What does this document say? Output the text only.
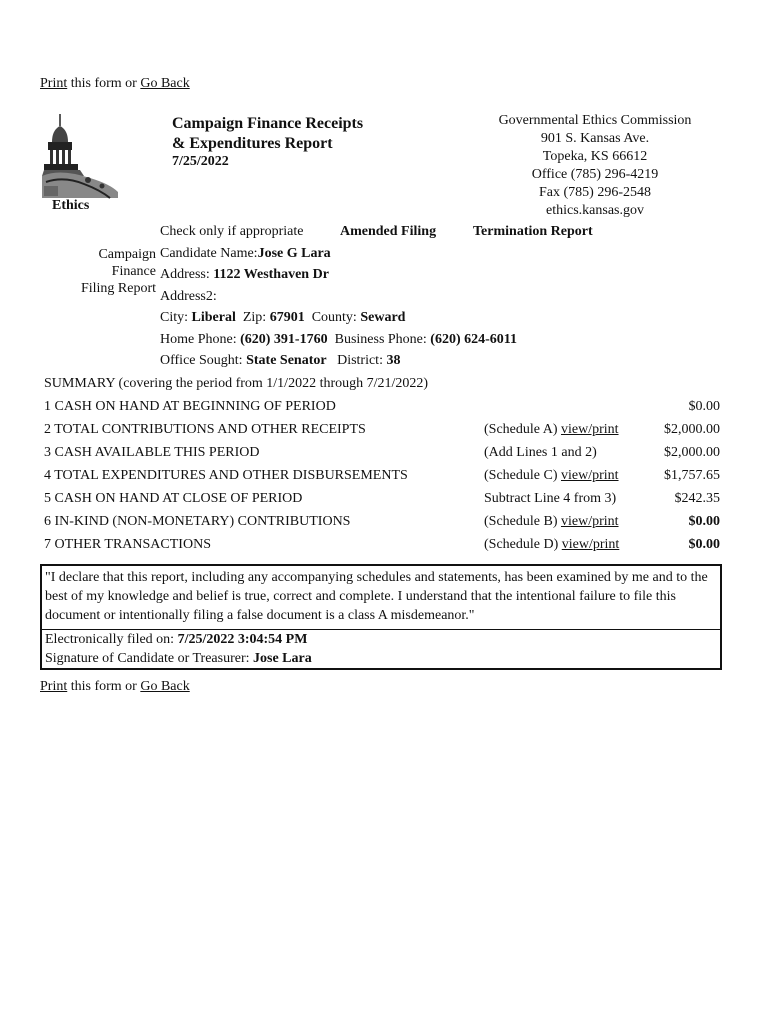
Print this form or Go Back
Ethics
Campaign Finance Receipts
& Expenditures Report
7/25/2022
Governmental Ethics Commission
901 S. Kansas Ave.
Topeka, KS 66612
Office (785) 296-4219
Fax (785) 296-2548
ethics.kansas.gov
Check only if appropriate	Amended Filing	Termination Report
Campaign
Finance
Filing Report
Candidate Name:Jose G Lara
Address: 1122 Westhaven Dr
Address2:
City: Liberal Zip: 67901 County: Seward
Home Phone: (620) 391-1760 Business Phone: (620) 624-6011
Office Sought: State Senator District: 38
SUMMARY (covering the period from 1/1/2022 through 7/21/2022)
1 CASH ON HAND AT BEGINNING OF PERIOD	$0.00
2 TOTAL CONTRIBUTIONS AND OTHER RECEIPTS	(Schedule A) view/print	$2,000.00
3 CASH AVAILABLE THIS PERIOD	(Add Lines 1 and 2)	$2,000.00
4 TOTAL EXPENDITURES AND OTHER DISBURSEMENTS	(Schedule C) view/print	$1,757.65
5 CASH ON HAND AT CLOSE OF PERIOD	Subtract Line 4 from 3)	$242.35
6 IN-KIND (NON-MONETARY) CONTRIBUTIONS	(Schedule B) view/print	$0.00
7 OTHER TRANSACTIONS	(Schedule D) view/print	$0.00
"I declare that this report, including any accompanying schedules and statements, has been examined by me and to the best of my knowledge and belief is true, correct and complete. I understand that the intentional failure to file this document or intentionally filing a false document is a class A misdemeanor."
Electronically filed on: 7/25/2022 3:04:54 PM
Signature of Candidate or Treasurer: Jose Lara
Print this form or Go Back
